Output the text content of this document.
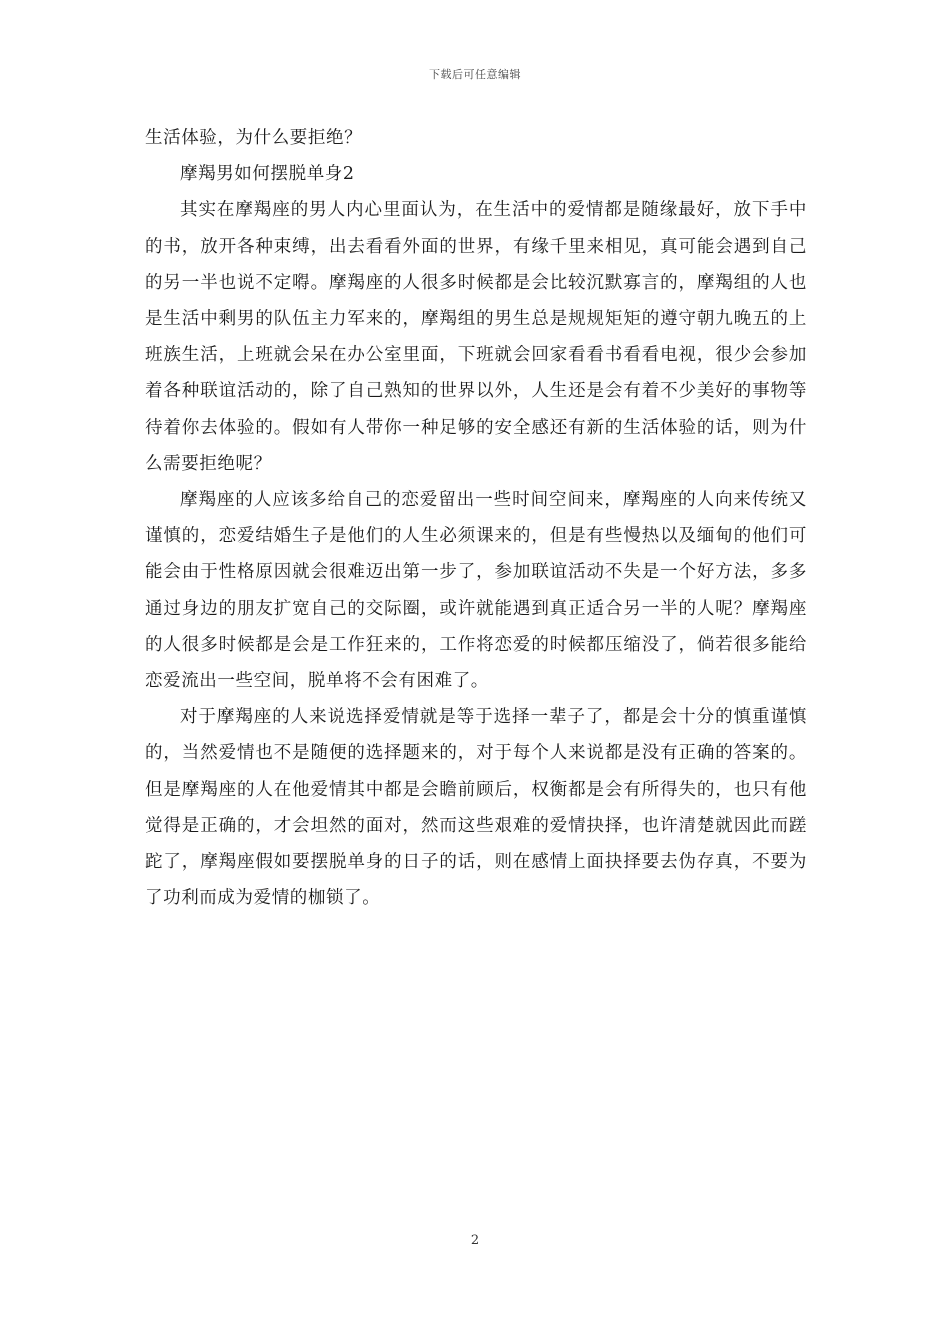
下载后可任意编辑

生活体验，为什么要拒绝？

摩羯男如何摆脱单身2

其实在摩羯座的男人内心里面认为，在生活中的爱情都是随缘最好，放下手中的书，放开各种束缚，出去看看外面的世界，有缘千里来相见，真可能会遇到自己的另一半也说不定嘚。摩羯座的人很多时候都是会比较沉默寡言的，摩羯组的人也是生活中剩男的队伍主力军来的，摩羯组的男生总是规规矩矩的遵守朝九晚五的上班族生活，上班就会呆在办公室里面，下班就会回家看看书看看电视，很少会参加着各种联谊活动的，除了自己熟知的世界以外，人生还是会有着不少美好的事物等待着你去体验的。假如有人带你一种足够的安全感还有新的生活体验的话，则为什么需要拒绝呢？

摩羯座的人应该多给自己的恋爱留出一些时间空间来，摩羯座的人向来传统又谨慎的，恋爱结婚生子是他们的人生必须课来的，但是有些慢热以及缅甸的他们可能会由于性格原因就会很难迈出第一步了，参加联谊活动不失是一个好方法，多多通过身边的朋友扩宽自己的交际圈，或许就能遇到真正适合另一半的人呢？摩羯座的人很多时候都是会是工作狂来的，工作将恋爱的时候都压缩没了，倘若很多能给恋爱流出一些空间，脱单将不会有困难了。

对于摩羯座的人来说选择爱情就是等于选择一辈子了，都是会十分的慎重谨慎的，当然爱情也不是随便的选择题来的，对于每个人来说都是没有正确的答案的。但是摩羯座的人在他爱情其中都是会瞻前顾后，权衡都是会有所得失的，也只有他觉得是正确的，才会坦然的面对，然而这些艰难的爱情抉择，也许清楚就因此而蹉跎了，摩羯座假如要摆脱单身的日子的话，则在感情上面抉择要去伪存真，不要为了功利而成为爱情的枷锁了。

2
